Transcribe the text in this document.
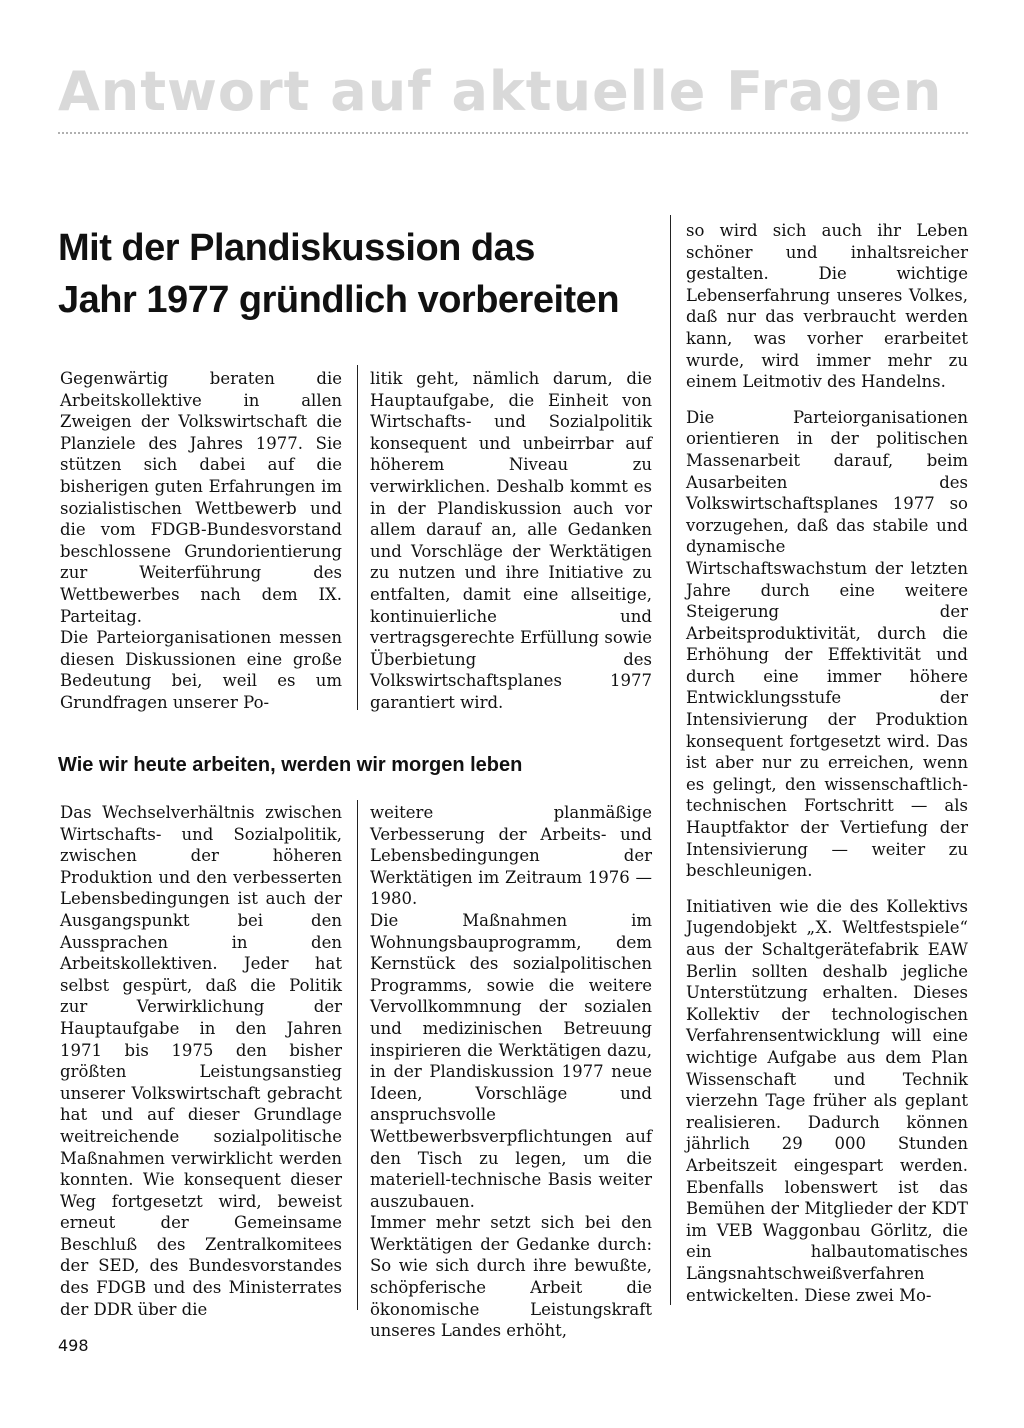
Antwort auf aktuelle Fragen
Mit der Plandiskussion das
Jahr 1977 gründlich vorbereiten

Gegenwärtig beraten die Arbeitskollektive in allen Zweigen der Volkswirtschaft die Planziele des Jahres 1977. Sie stützen sich dabei auf die bisherigen guten Erfahrungen im sozialistischen Wettbewerb und die vom FDGB-Bundesvorstand beschlossene Grundorientierung zur Weiterführung des Wettbewerbes nach dem IX. Parteitag.

Die Parteiorganisationen messen diesen Diskussionen eine große Bedeutung bei, weil es um Grundfragen unserer Po-

litik geht, nämlich darum, die Hauptaufgabe, die Einheit von Wirtschafts- und Sozialpolitik konsequent und unbeirrbar auf höherem Niveau zu verwirklichen. Deshalb kommt es in der Plandiskussion auch vor allem darauf an, alle Gedanken und Vorschläge der Werktätigen zu nutzen und ihre Initiative zu entfalten, damit eine allseitige, kontinuierliche und vertragsgerechte Erfüllung sowie Überbietung des Volkswirtschaftsplanes 1977 garantiert wird.

Wie wir heute arbeiten, werden wir morgen leben

Das Wechselverhältnis zwischen Wirtschafts- und Sozialpolitik, zwischen der höheren Produktion und den verbesserten Lebensbedingungen ist auch der Ausgangspunkt bei den Aussprachen in den Arbeitskollektiven. Jeder hat selbst gespürt, daß die Politik zur Verwirklichung der Hauptaufgabe in den Jahren 1971 bis 1975 den bisher größten Leistungsanstieg unserer Volkswirtschaft gebracht hat und auf dieser Grundlage weitreichende sozialpolitische Maßnahmen verwirklicht werden konnten. Wie konsequent dieser Weg fortgesetzt wird, beweist erneut der Gemeinsame Beschluß des Zentralkomitees der SED, des Bundesvorstandes des FDGB und des Ministerrates der DDR über die

weitere planmäßige Verbesserung der Arbeits- und Lebensbedingungen der Werktätigen im Zeitraum 1976 — 1980.

Die Maßnahmen im Wohnungsbauprogramm, dem Kernstück des sozialpolitischen Programms, sowie die weitere Vervollkommnung der sozialen und medizinischen Betreuung inspirieren die Werktätigen dazu, in der Plandiskussion 1977 neue Ideen, Vorschläge und anspruchsvolle Wettbewerbsverpflichtungen auf den Tisch zu legen, um die materiell-technische Basis weiter auszubauen.

Immer mehr setzt sich bei den Werktätigen der Gedanke durch: So wie sich durch ihre bewußte, schöpferische Arbeit die ökonomische Leistungskraft unseres Landes erhöht,

so wird sich auch ihr Leben schöner und inhaltsreicher gestalten. Die wichtige Lebenserfahrung unseres Volkes, daß nur das verbraucht werden kann, was vorher erarbeitet wurde, wird immer mehr zu einem Leitmotiv des Handelns.

Die Parteiorganisationen orientieren in der politischen Massenarbeit darauf, beim Ausarbeiten des Volkswirtschaftsplanes 1977 so vorzugehen, daß das stabile und dynamische Wirtschaftswachstum der letzten Jahre durch eine weitere Steigerung der Arbeitsproduktivität, durch die Erhöhung der Effektivität und durch eine immer höhere Entwicklungsstufe der Intensivierung der Produktion konsequent fortgesetzt wird. Das ist aber nur zu erreichen, wenn es gelingt, den wissenschaftlich-technischen Fortschritt — als Hauptfaktor der Vertiefung der Intensivierung — weiter zu beschleunigen.

Initiativen wie die des Kollektivs Jugendobjekt „X. Weltfestspiele“ aus der Schaltgerätefabrik EAW Berlin sollten deshalb jegliche Unterstützung erhalten. Dieses Kollektiv der technologischen Verfahrensentwicklung will eine wichtige Aufgabe aus dem Plan Wissenschaft und Technik vierzehn Tage früher als geplant realisieren. Dadurch können jährlich 29 000 Stunden Arbeitszeit eingespart werden. Ebenfalls lobenswert ist das Bemühen der Mitglieder der KDT im VEB Waggonbau Görlitz, die ein halbautomatisches Längsnahtschweißverfahren entwickelten. Diese zwei Mo-

498
